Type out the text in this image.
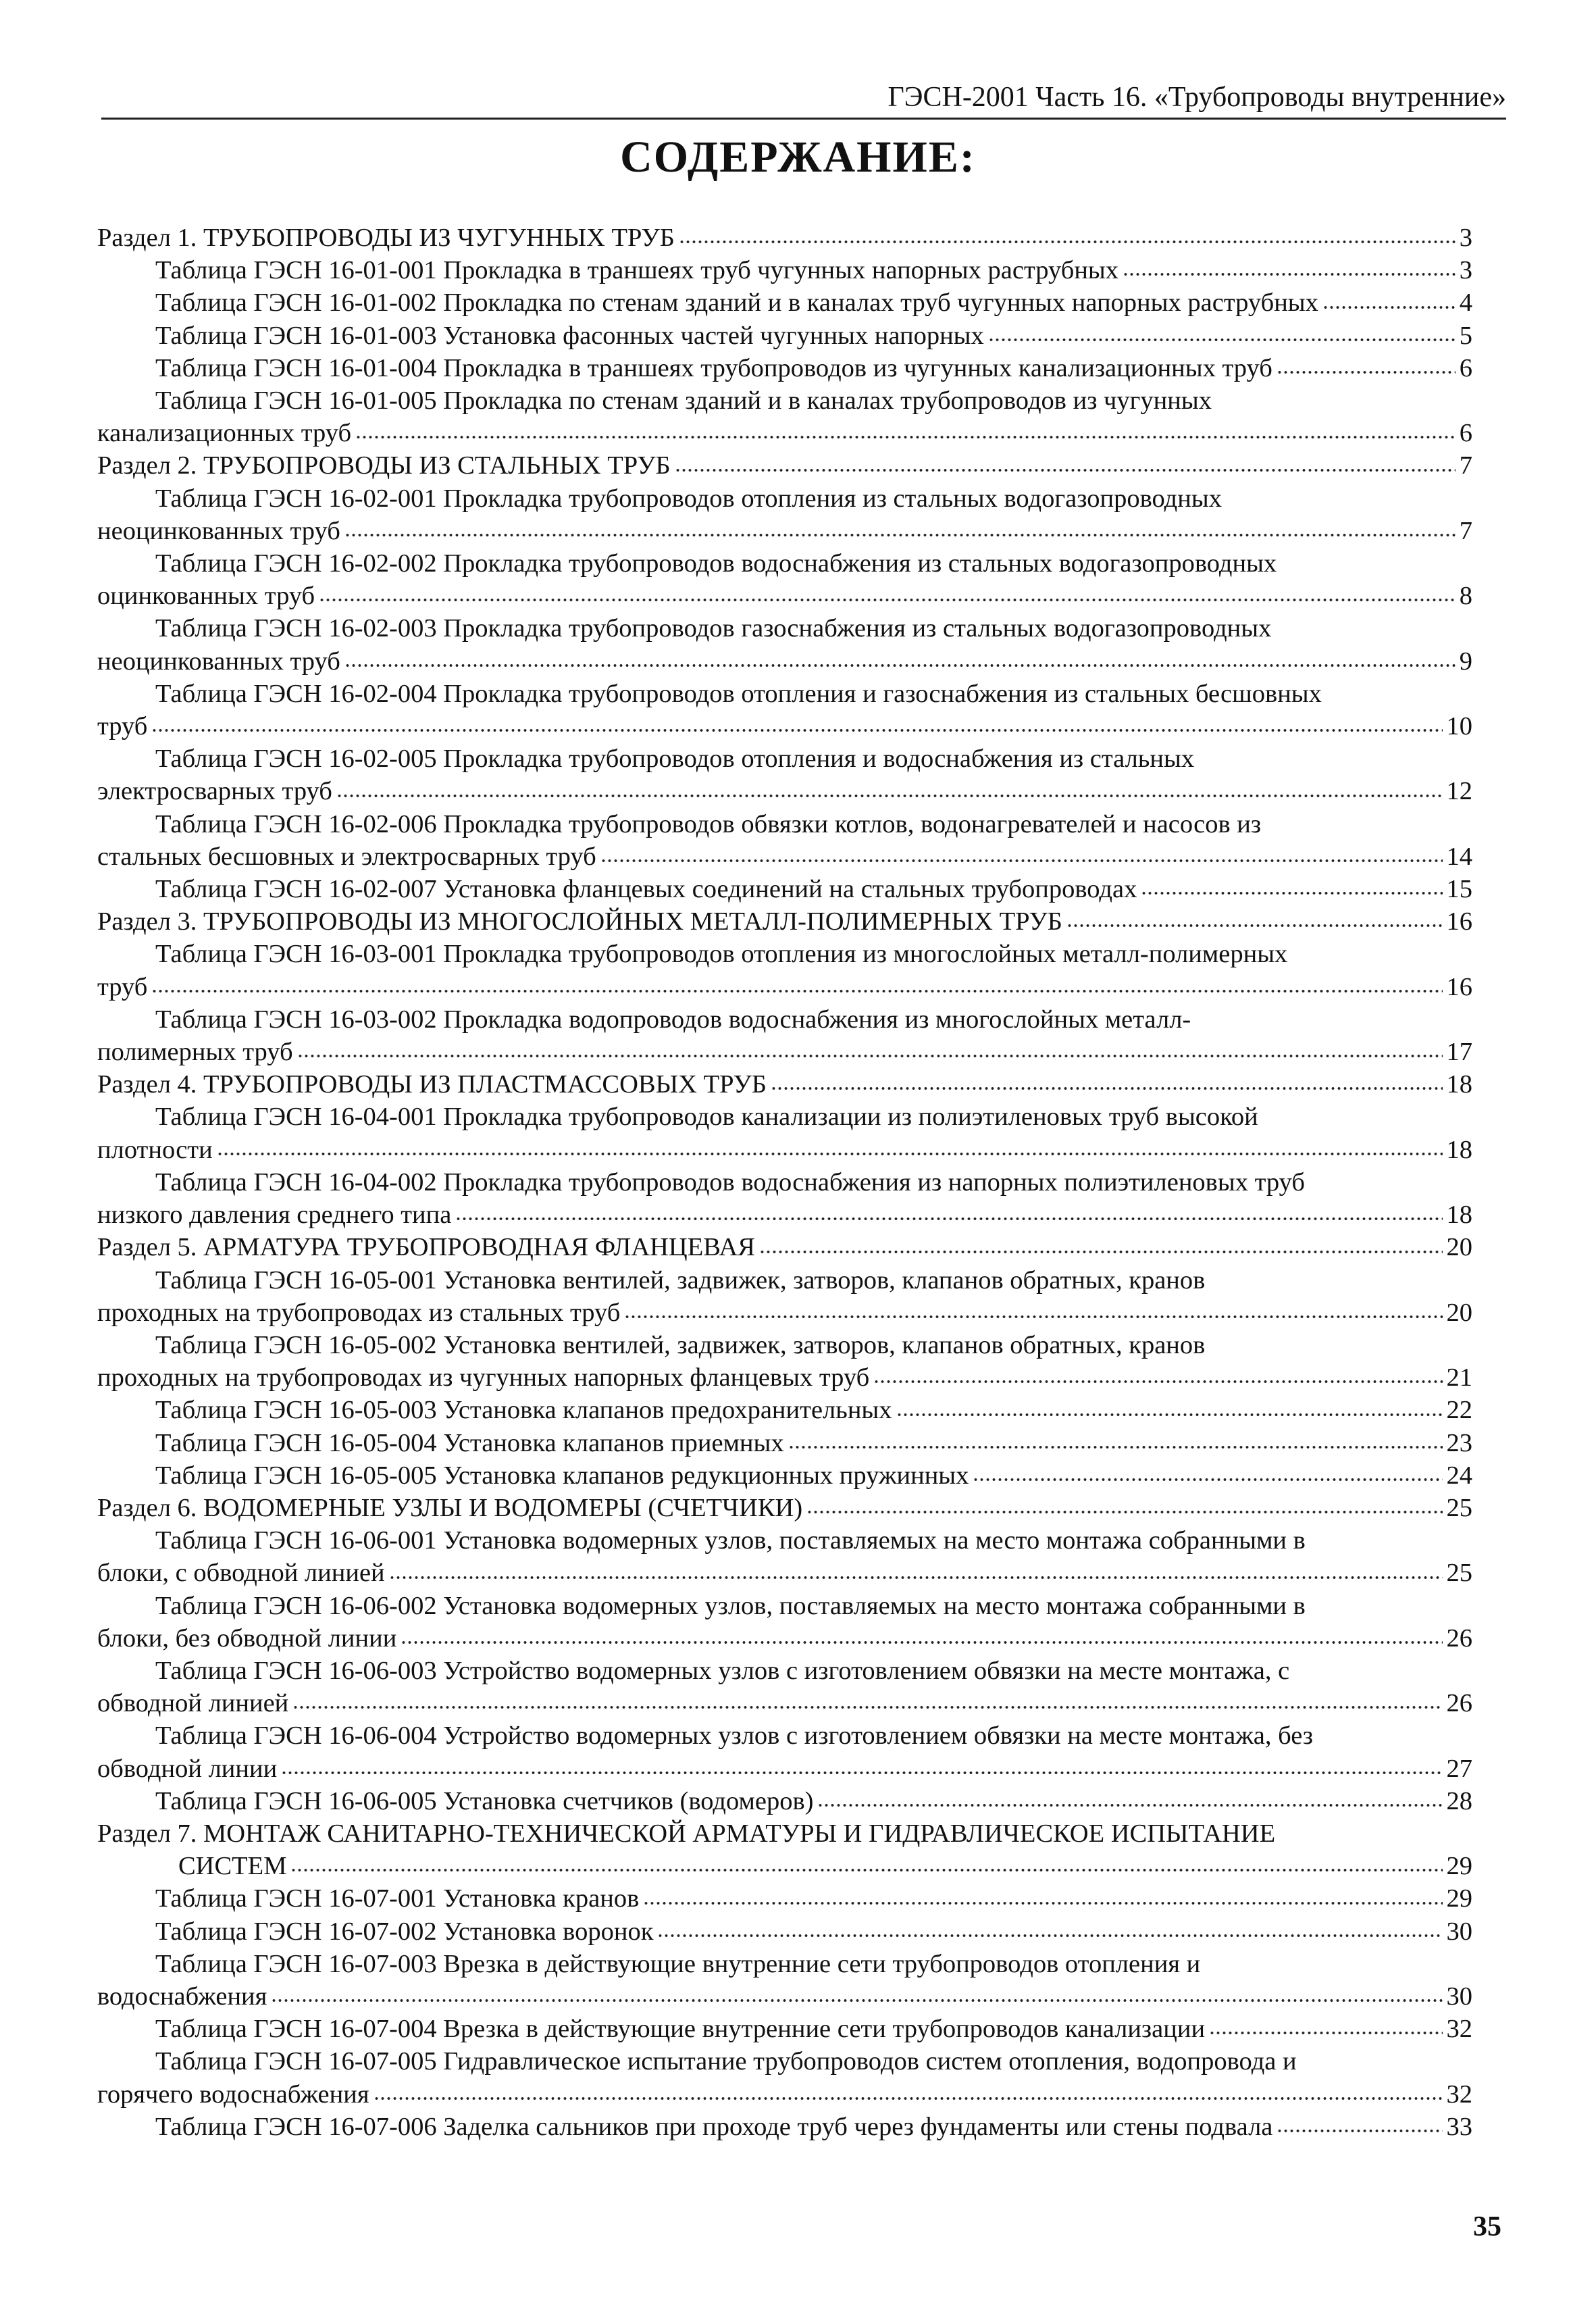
ГЭСН-2001 Часть 16. «Трубопроводы внутренние»
СОДЕРЖАНИЕ:
Раздел 1. ТРУБОПРОВОДЫ ИЗ ЧУГУННЫХ ТРУБ	3
Таблица ГЭСН 16-01-001 Прокладка в траншеях труб чугунных напорных раструбных	3
Таблица ГЭСН 16-01-002 Прокладка по стенам зданий и в каналах труб чугунных напорных раструбных	4
Таблица ГЭСН 16-01-003 Установка фасонных частей чугунных напорных	5
Таблица ГЭСН 16-01-004 Прокладка в траншеях трубопроводов из чугунных канализационных труб	6
Таблица ГЭСН 16-01-005 Прокладка по стенам зданий и в каналах трубопроводов из чугунных
канализационных труб	6
Раздел 2. ТРУБОПРОВОДЫ ИЗ СТАЛЬНЫХ ТРУБ	7
Таблица ГЭСН 16-02-001 Прокладка трубопроводов отопления из стальных водогазопроводных
неоцинкованных труб	7
Таблица ГЭСН 16-02-002 Прокладка трубопроводов водоснабжения из стальных водогазопроводных
оцинкованных труб	8
Таблица ГЭСН 16-02-003 Прокладка трубопроводов газоснабжения из стальных водогазопроводных
неоцинкованных труб	9
Таблица ГЭСН 16-02-004 Прокладка трубопроводов отопления и газоснабжения из стальных бесшовных
труб	10
Таблица ГЭСН 16-02-005 Прокладка трубопроводов отопления и водоснабжения из стальных
электросварных труб	12
Таблица ГЭСН 16-02-006 Прокладка трубопроводов обвязки котлов, водонагревателей и насосов из
стальных бесшовных и электросварных труб	14
Таблица ГЭСН 16-02-007 Установка фланцевых соединений на стальных трубопроводах	15
Раздел 3. ТРУБОПРОВОДЫ ИЗ МНОГОСЛОЙНЫХ МЕТАЛЛ-ПОЛИМЕРНЫХ ТРУБ	16
Таблица ГЭСН 16-03-001 Прокладка трубопроводов отопления из многослойных металл-полимерных
труб	16
Таблица ГЭСН 16-03-002 Прокладка водопроводов водоснабжения из многослойных металл-
полимерных труб	17
Раздел 4. ТРУБОПРОВОДЫ ИЗ ПЛАСТМАССОВЫХ ТРУБ	18
Таблица ГЭСН 16-04-001 Прокладка трубопроводов канализации из полиэтиленовых труб высокой
плотности	18
Таблица ГЭСН 16-04-002 Прокладка трубопроводов водоснабжения из напорных полиэтиленовых труб
низкого давления среднего типа	18
Раздел 5. АРМАТУРА ТРУБОПРОВОДНАЯ ФЛАНЦЕВАЯ	20
Таблица ГЭСН 16-05-001 Установка вентилей, задвижек, затворов, клапанов обратных, кранов
проходных на трубопроводах из стальных труб	20
Таблица ГЭСН 16-05-002 Установка вентилей, задвижек, затворов, клапанов обратных, кранов
проходных на трубопроводах из чугунных напорных фланцевых труб	21
Таблица ГЭСН 16-05-003 Установка клапанов предохранительных	22
Таблица ГЭСН 16-05-004 Установка клапанов приемных	23
Таблица ГЭСН 16-05-005 Установка клапанов редукционных пружинных	24
Раздел 6. ВОДОМЕРНЫЕ УЗЛЫ И ВОДОМЕРЫ (СЧЕТЧИКИ)	25
Таблица ГЭСН 16-06-001 Установка водомерных узлов, поставляемых на место монтажа собранными в
блоки, с обводной линией	25
Таблица ГЭСН 16-06-002 Установка водомерных узлов, поставляемых на место монтажа собранными в
блоки, без обводной линии	26
Таблица ГЭСН 16-06-003 Устройство водомерных узлов с изготовлением обвязки на месте монтажа, с
обводной линией	26
Таблица ГЭСН 16-06-004 Устройство водомерных узлов с изготовлением обвязки на месте монтажа, без
обводной линии	27
Таблица ГЭСН 16-06-005 Установка счетчиков (водомеров)	28
Раздел 7. МОНТАЖ САНИТАРНО-ТЕХНИЧЕСКОЙ АРМАТУРЫ И ГИДРАВЛИЧЕСКОЕ ИСПЫТАНИЕ
СИСТЕМ	29
Таблица ГЭСН 16-07-001 Установка кранов	29
Таблица ГЭСН 16-07-002 Установка воронок	30
Таблица ГЭСН 16-07-003 Врезка в действующие внутренние сети трубопроводов отопления и
водоснабжения	30
Таблица ГЭСН 16-07-004 Врезка в действующие внутренние сети трубопроводов канализации	32
Таблица ГЭСН 16-07-005 Гидравлическое испытание трубопроводов систем отопления, водопровода и
горячего водоснабжения	32
Таблица ГЭСН 16-07-006 Заделка сальников при проходе труб через фундаменты или стены подвала	33
35
